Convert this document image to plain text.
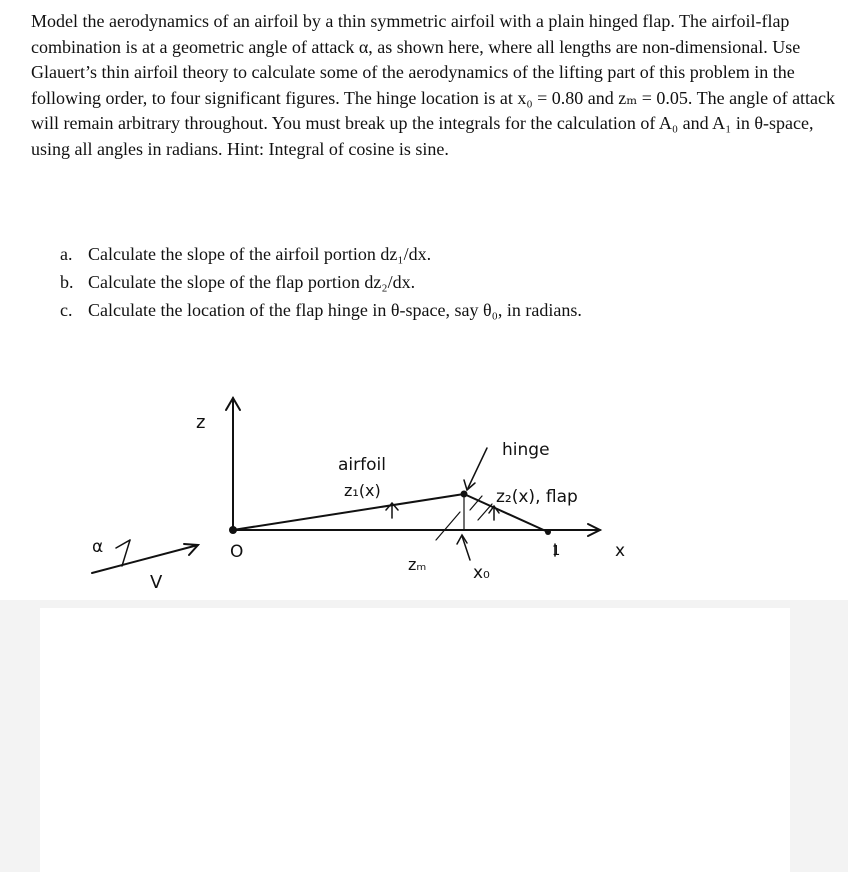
Model the aerodynamics of an airfoil by a thin symmetric airfoil with a plain hinged flap. The airfoil-flap combination is at a geometric angle of attack α, as shown here, where all lengths are non-dimensional. Use Glauert’s thin airfoil theory to calculate some of the aerodynamics of the lifting part of this problem in the following order, to four significant figures. The hinge location is at x₀ = 0.80 and zₘ = 0.05. The angle of attack will remain arbitrary throughout. You must break up the integrals for the calculation of A₀ and A₁ in θ-space, using all angles in radians. Hint: Integral of cosine is sine.

a. Calculate the slope of the airfoil portion dz₁/dx.
b. Calculate the slope of the flap portion dz₂/dx.
c. Calculate the location of the flap hinge in θ-space, say θ₀, in radians.
z
O
α
V
airfoil
z₁(x)
hinge
z₂(x), flap
zₘ	x₀
1	x
